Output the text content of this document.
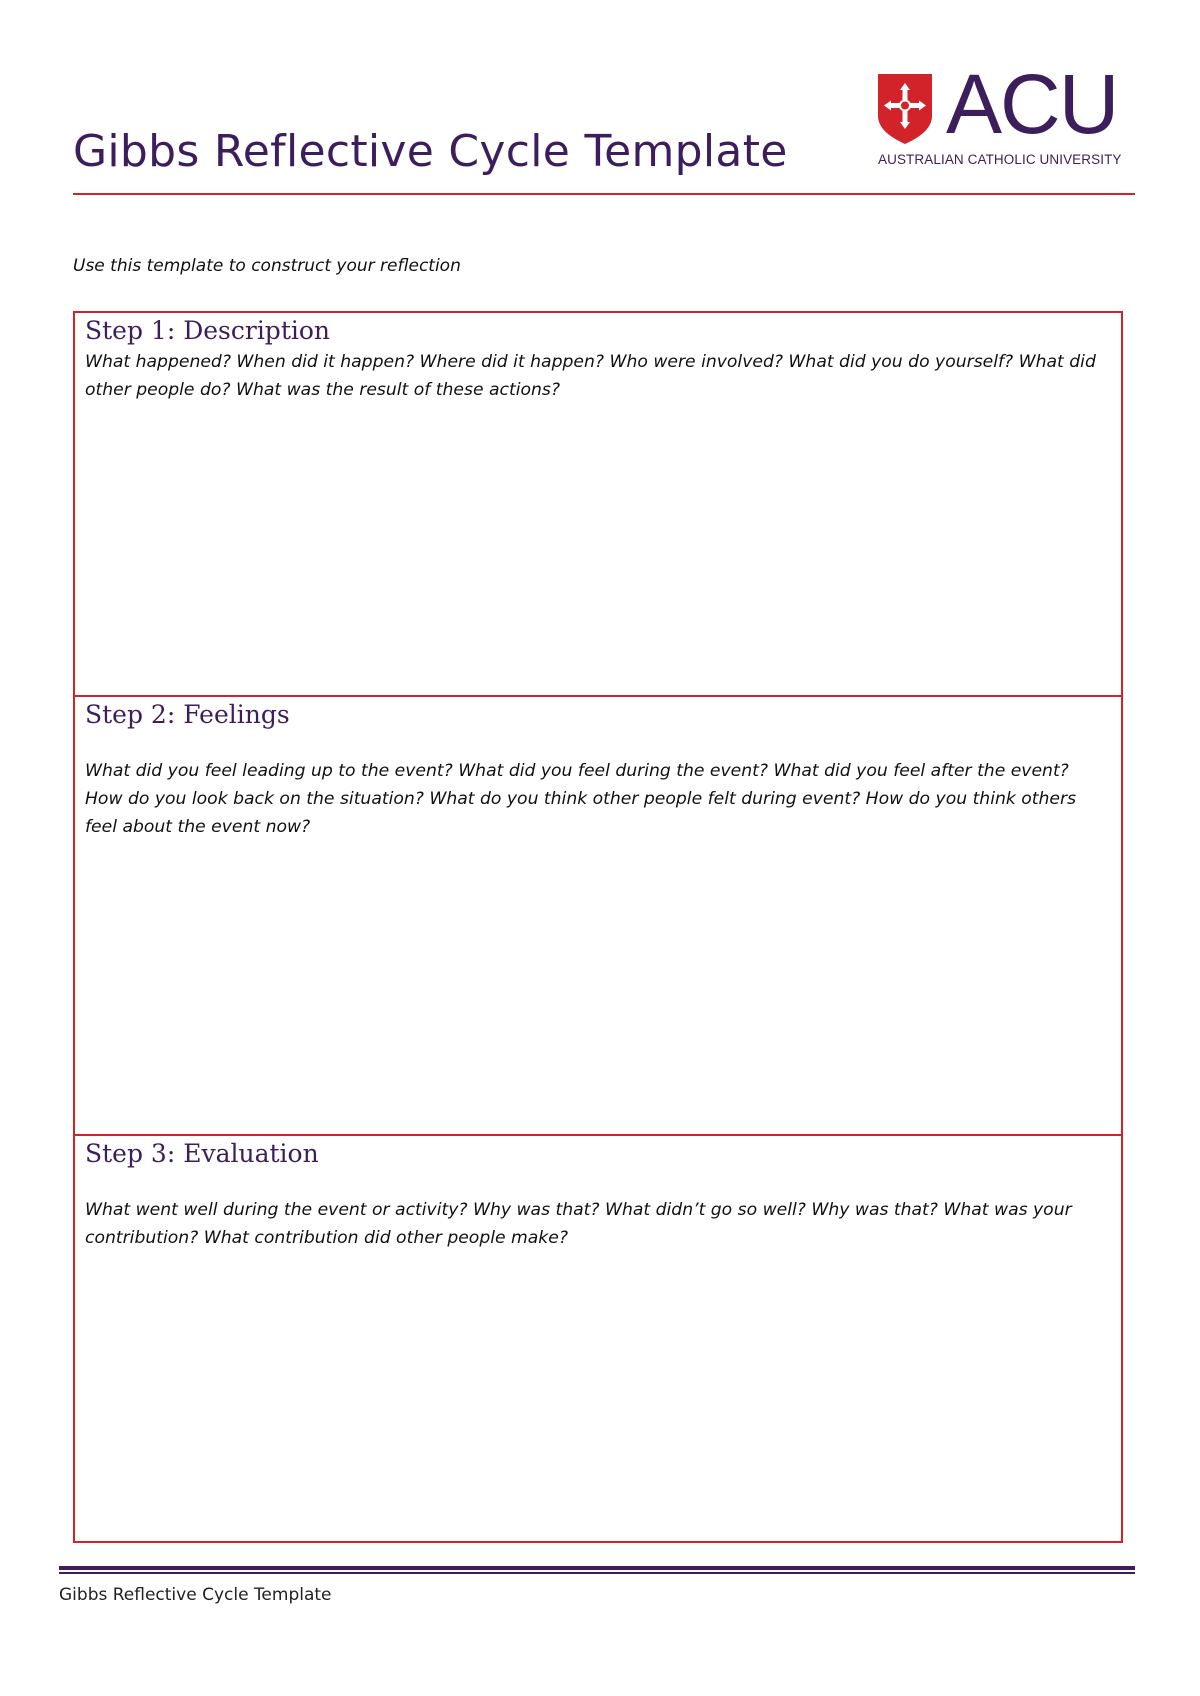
Gibbs Reflective Cycle Template
ACU
AUSTRALIAN CATHOLIC UNIVERSITY

Use this template to construct your reflection

Step 1: Description

What happened? When did it happen? Where did it happen? Who were involved? What did you do yourself? What did other people do? What was the result of these actions?

Step 2: Feelings

What did you feel leading up to the event? What did you feel during the event? What did you feel after the event? How do you look back on the situation? What do you think other people felt during event? How do you think others feel about the event now?

Step 3: Evaluation

What went well during the event or activity? Why was that? What didn’t go so well? Why was that? What was your contribution? What contribution did other people make?

Gibbs Reflective Cycle Template
